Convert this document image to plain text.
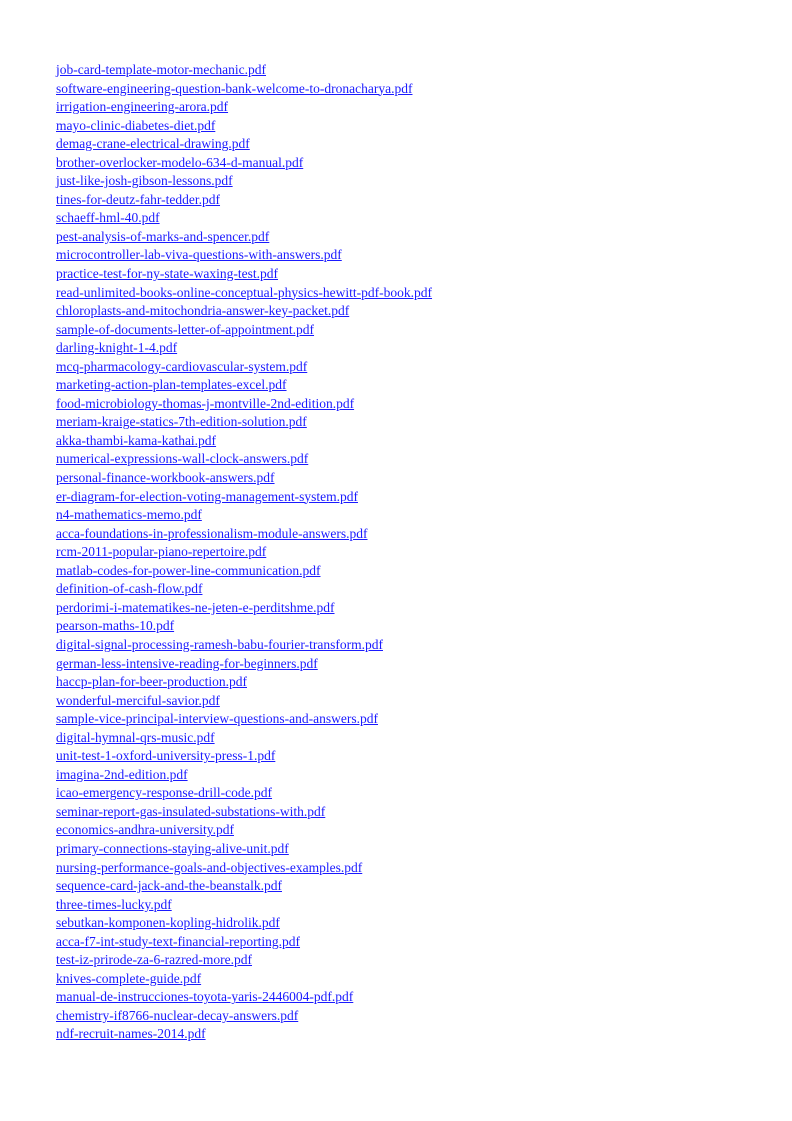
job-card-template-motor-mechanic.pdf
software-engineering-question-bank-welcome-to-dronacharya.pdf
irrigation-engineering-arora.pdf
mayo-clinic-diabetes-diet.pdf
demag-crane-electrical-drawing.pdf
brother-overlocker-modelo-634-d-manual.pdf
just-like-josh-gibson-lessons.pdf
tines-for-deutz-fahr-tedder.pdf
schaeff-hml-40.pdf
pest-analysis-of-marks-and-spencer.pdf
microcontroller-lab-viva-questions-with-answers.pdf
practice-test-for-ny-state-waxing-test.pdf
read-unlimited-books-online-conceptual-physics-hewitt-pdf-book.pdf
chloroplasts-and-mitochondria-answer-key-packet.pdf
sample-of-documents-letter-of-appointment.pdf
darling-knight-1-4.pdf
mcq-pharmacology-cardiovascular-system.pdf
marketing-action-plan-templates-excel.pdf
food-microbiology-thomas-j-montville-2nd-edition.pdf
meriam-kraige-statics-7th-edition-solution.pdf
akka-thambi-kama-kathai.pdf
numerical-expressions-wall-clock-answers.pdf
personal-finance-workbook-answers.pdf
er-diagram-for-election-voting-management-system.pdf
n4-mathematics-memo.pdf
acca-foundations-in-professionalism-module-answers.pdf
rcm-2011-popular-piano-repertoire.pdf
matlab-codes-for-power-line-communication.pdf
definition-of-cash-flow.pdf
perdorimi-i-matematikes-ne-jeten-e-perditshme.pdf
pearson-maths-10.pdf
digital-signal-processing-ramesh-babu-fourier-transform.pdf
german-less-intensive-reading-for-beginners.pdf
haccp-plan-for-beer-production.pdf
wonderful-merciful-savior.pdf
sample-vice-principal-interview-questions-and-answers.pdf
digital-hymnal-qrs-music.pdf
unit-test-1-oxford-university-press-1.pdf
imagina-2nd-edition.pdf
icao-emergency-response-drill-code.pdf
seminar-report-gas-insulated-substations-with.pdf
economics-andhra-university.pdf
primary-connections-staying-alive-unit.pdf
nursing-performance-goals-and-objectives-examples.pdf
sequence-card-jack-and-the-beanstalk.pdf
three-times-lucky.pdf
sebutkan-komponen-kopling-hidrolik.pdf
acca-f7-int-study-text-financial-reporting.pdf
test-iz-prirode-za-6-razred-more.pdf
knives-complete-guide.pdf
manual-de-instrucciones-toyota-yaris-2446004-pdf.pdf
chemistry-if8766-nuclear-decay-answers.pdf
ndf-recruit-names-2014.pdf
